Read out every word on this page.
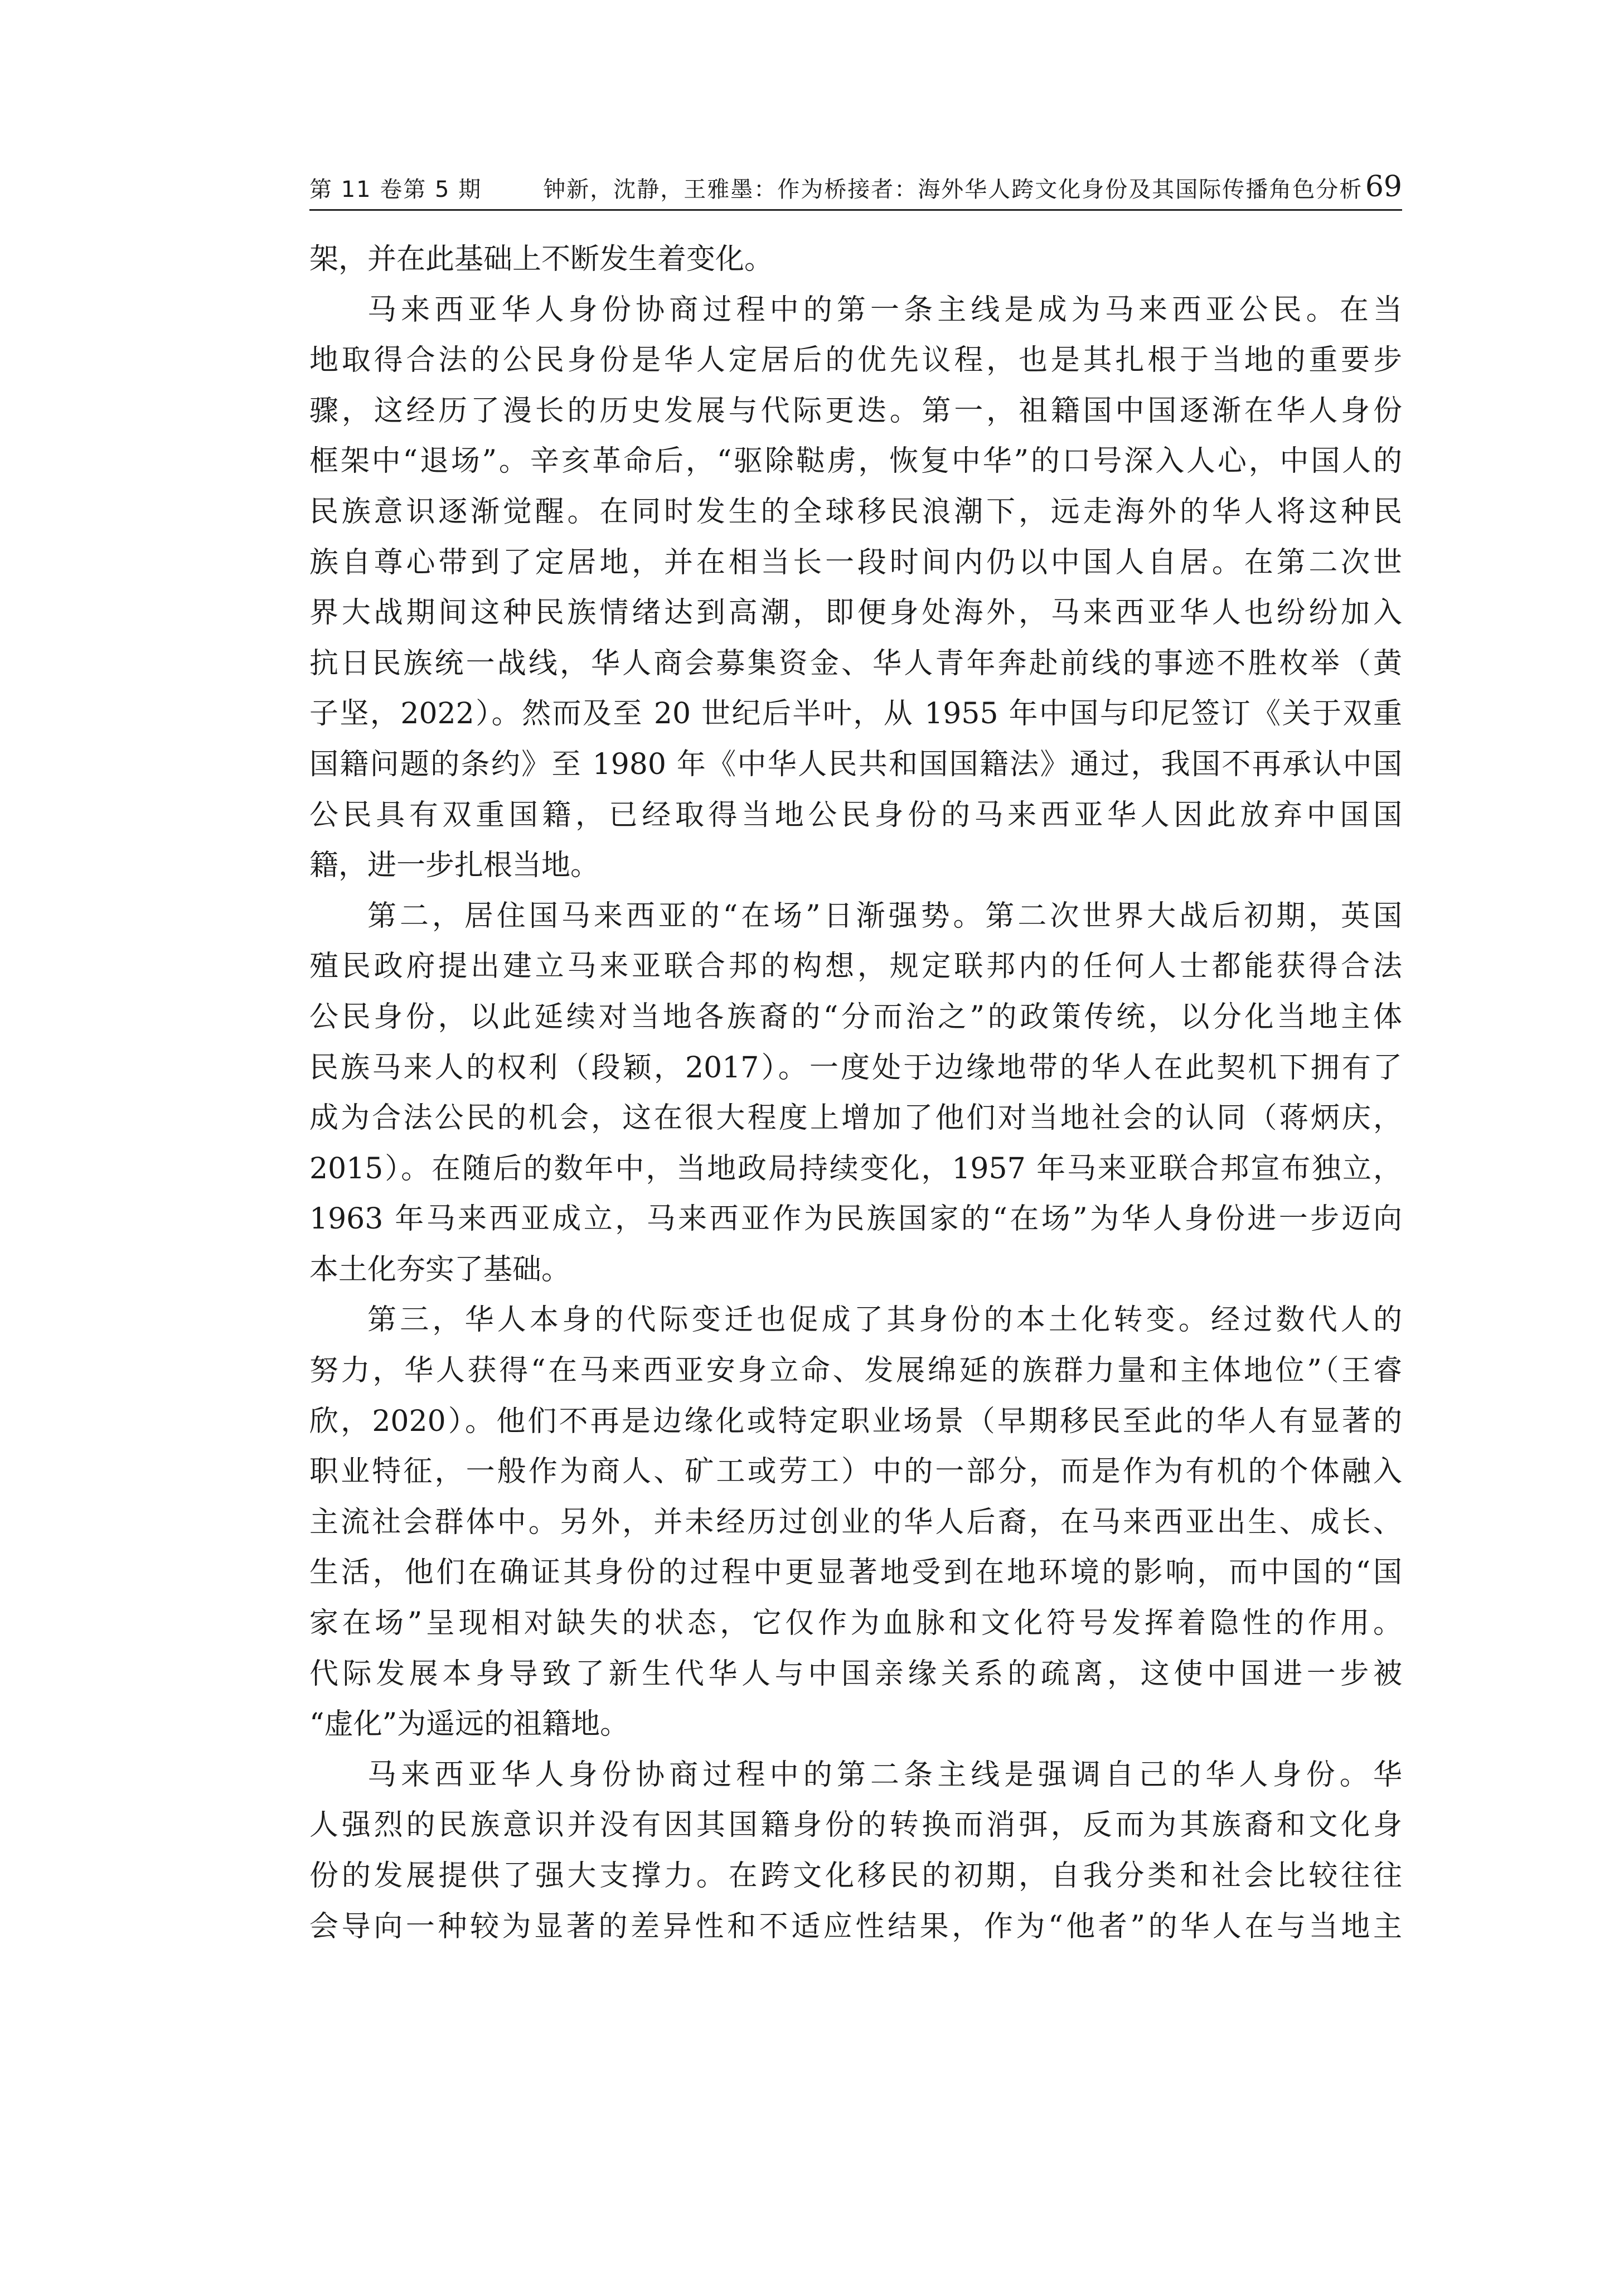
第 11 卷第 5 期	钟新，沈静，王雅墨：作为桥接者：海外华人跨文化身份及其国际传播角色分析 69
架，并在此基础上不断发生着变化。
马来西亚华人身份协商过程中的第一条主线是成为马来西亚公民。在当
地取得合法的公民身份是华人定居后的优先议程，也是其扎根于当地的重要步
骤，这经历了漫长的历史发展与代际更迭。第一，祖籍国中国逐渐在华人身份
框架中“退场”。辛亥革命后，“驱除鞑虏，恢复中华”的口号深入人心，中国人的
民族意识逐渐觉醒。在同时发生的全球移民浪潮下，远走海外的华人将这种民
族自尊心带到了定居地，并在相当长一段时间内仍以中国人自居。在第二次世
界大战期间这种民族情绪达到高潮，即便身处海外，马来西亚华人也纷纷加入
抗日民族统一战线，华人商会募集资金、华人青年奔赴前线的事迹不胜枚举（黄
子坚，2022）。然而及至 20 世纪后半叶，从 1955 年中国与印尼签订《关于双重
国籍问题的条约》至 1980 年《中华人民共和国国籍法》通过，我国不再承认中国
公民具有双重国籍，已经取得当地公民身份的马来西亚华人因此放弃中国国
籍，进一步扎根当地。
第二，居住国马来西亚的“在场”日渐强势。第二次世界大战后初期，英国
殖民政府提出建立马来亚联合邦的构想，规定联邦内的任何人士都能获得合法
公民身份，以此延续对当地各族裔的“分而治之”的政策传统，以分化当地主体
民族马来人的权利（段颖，2017）。一度处于边缘地带的华人在此契机下拥有了
成为合法公民的机会，这在很大程度上增加了他们对当地社会的认同（蒋炳庆，
2015）。在随后的数年中，当地政局持续变化，1957 年马来亚联合邦宣布独立，
1963 年马来西亚成立，马来西亚作为民族国家的“在场”为华人身份进一步迈向
本土化夯实了基础。
第三，华人本身的代际变迁也促成了其身份的本土化转变。经过数代人的
努力，华人获得“在马来西亚安身立命、发展绵延的族群力量和主体地位”（王睿
欣，2020）。他们不再是边缘化或特定职业场景（早期移民至此的华人有显著的
职业特征，一般作为商人、矿工或劳工）中的一部分，而是作为有机的个体融入
主流社会群体中。另外，并未经历过创业的华人后裔，在马来西亚出生、成长、
生活，他们在确证其身份的过程中更显著地受到在地环境的影响，而中国的“国
家在场”呈现相对缺失的状态，它仅作为血脉和文化符号发挥着隐性的作用。
代际发展本身导致了新生代华人与中国亲缘关系的疏离，这使中国进一步被
“虚化”为遥远的祖籍地。
马来西亚华人身份协商过程中的第二条主线是强调自己的华人身份。华
人强烈的民族意识并没有因其国籍身份的转换而消弭，反而为其族裔和文化身
份的发展提供了强大支撑力。在跨文化移民的初期，自我分类和社会比较往往
会导向一种较为显著的差异性和不适应性结果，作为“他者”的华人在与当地主
